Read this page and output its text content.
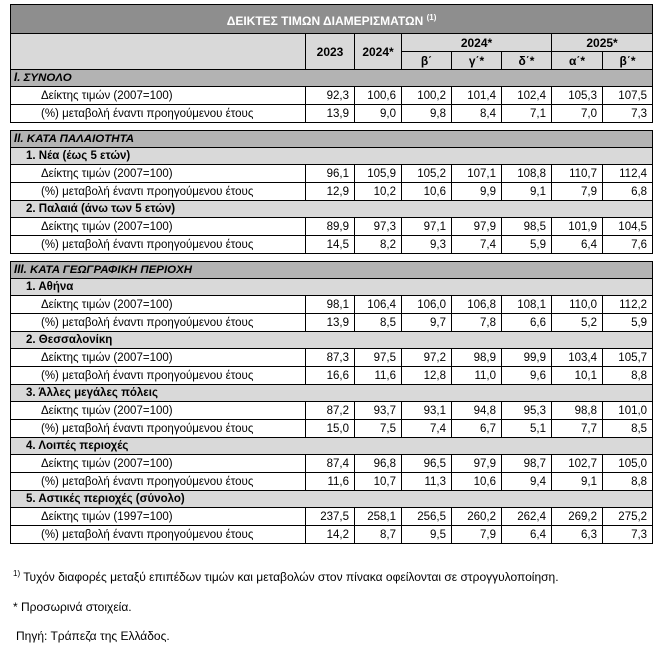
ΔΕΙΚΤΕΣ ΤΙΜΩΝ ΔΙΑΜΕΡΙΣΜΑΤΩΝ $^{(1)}$
	2023	2024*	2024*			2025*	
			β΄	γ΄*	δ΄*	α΄*	β΄*
I. ΣΥΝΟΛΟ							
Δείκτης τιμών (2007=100)	92,3	100,6	100,2	101,4	102,4	105,3	107,5
(%) μεταβολή έναντι προηγούμενου έτους	13,9	9,0	9,8	8,4	7,1	7,0	7,3

II. ΚΑΤΑ ΠΑΛΑΙΟΤΗΤΑ							
1. Νέα (έως 5 ετών)							
Δείκτης τιμών (2007=100)	96,1	105,9	105,2	107,1	108,8	110,7	112,4
(%) μεταβολή έναντι προηγούμενου έτους	12,9	10,2	10,6	9,9	9,1	7,9	6,8
2. Παλαιά (άνω των 5 ετών)							
Δείκτης τιμών (2007=100)	89,9	97,3	97,1	97,9	98,5	101,9	104,5
(%) μεταβολή έναντι προηγούμενου έτους	14,5	8,2	9,3	7,4	5,9	6,4	7,6

III. ΚΑΤΑ ΓΕΩΓΡΑΦΙΚΗ ΠΕΡΙΟΧΗ							
1. Αθήνα							
Δείκτης τιμών (2007=100)	98,1	106,4	106,0	106,8	108,1	110,0	112,2
(%) μεταβολή έναντι προηγούμενου έτους	13,9	8,5	9,7	7,8	6,6	5,2	5,9
2. Θεσσαλονίκη							
Δείκτης τιμών (2007=100)	87,3	97,5	97,2	98,9	99,9	103,4	105,7
(%) μεταβολή έναντι προηγούμενου έτους	16,6	11,6	12,8	11,0	9,6	10,1	8,8
3. Άλλες μεγάλες πόλεις							
Δείκτης τιμών (2007=100)	87,2	93,7	93,1	94,8	95,3	98,8	101,0
(%) μεταβολή έναντι προηγούμενου έτους	15,0	7,5	7,4	6,7	5,1	7,7	8,5
4. Λοιπές περιοχές							
Δείκτης τιμών (2007=100)	87,4	96,8	96,5	97,9	98,7	102,7	105,0
(%) μεταβολή έναντι προηγούμενου έτους	11,6	10,7	11,3	10,6	9,4	9,1	8,8
5. Αστικές περιοχές (σύνολο)							
Δείκτης τιμών (1997=100)	237,5	258,1	256,5	260,2	262,4	269,2	275,2
(%) μεταβολή έναντι προηγούμενου έτους	14,2	8,7	9,5	7,9	6,4	6,3	7,3
$^{1)}$ Τυχόν διαφορές μεταξύ επιπέδων τιμών και μεταβολών στον πίνακα οφείλονται σε στρογγυλοποίηση.
* Προσωρινά στοιχεία.
Πηγή: Τράπεζα της Ελλάδος.
